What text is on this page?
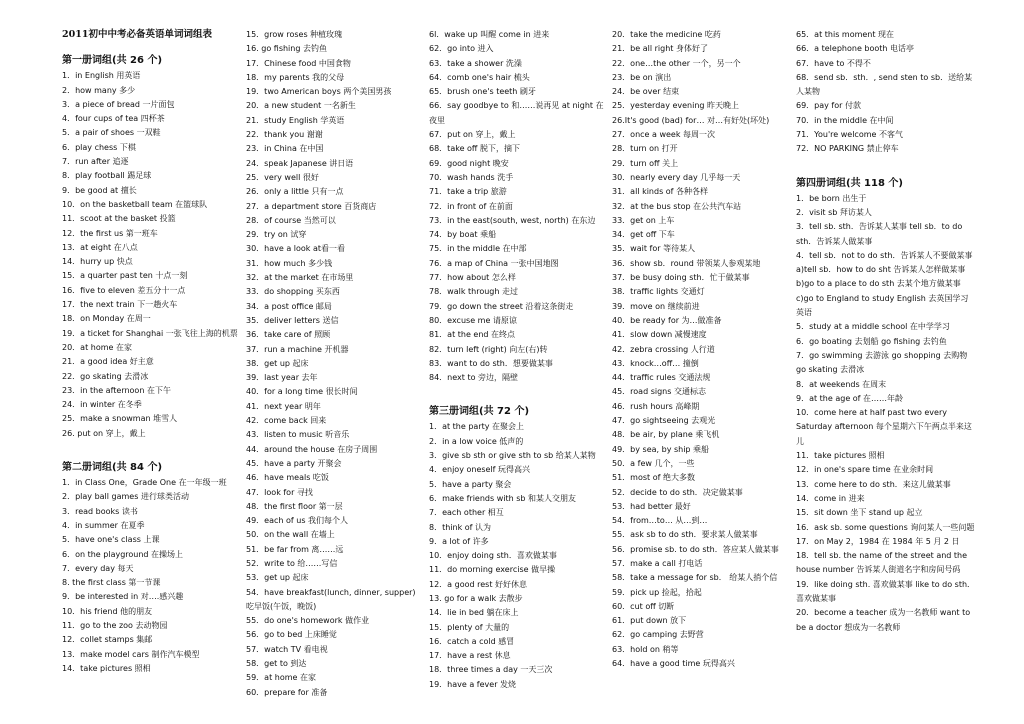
2011初中中考必备英语单词词组表
第一册词组(共 26 个)
1．in English 用英语
2．how many 多少
3．a piece of bread 一片面包
4．four cups of tea 四杯茶
5．a pair of shoes 一双鞋
6．play chess 下棋
7．run after 追逐
8．play football 踢足球
9．be good at 擅长
10．on the basketball team 在篮球队
11．scoot at the basket 投篮
12．the first us 第一班车
13．at eight 在八点
14．hurry up 快点
15．a quarter past ten 十点一刻
16．five to eleven 差五分十一点
17．the next train 下一趟火车
18．on Monday 在周一
19．a ticket for Shanghai 一张飞往上海的机票
20．at home 在家
21．a good idea 好主意
22．go skating 去滑冰
23．in the afternoon 在下午
24．in winter 在冬季
25．make a snowman 堆雪人
26. put on 穿上，戴上
第二册词组(共 84 个)
1．in Class One，Grade One 在一年级一班
2．play ball games 进行球类活动
3．read books 读书
4．in summer 在夏季
5．have one's class 上课
6．on the playground 在操场上
7．every day 每天
8. the first class 第一节课
9．be interested in 对….感兴趣
10．his friend 他的朋友
11．go to the zoo 去动物园
12．collet stamps 集邮
13．make model cars 制作汽车模型
14．take pictures 照相
15．grow roses 种植玫瑰
16. go fishing 去钓鱼
17．Chinese food 中国食物
18．my parents 我的父母
19．two American boys 两个美国男孩
20．a new student 一名新生
21．study English 学英语
22．thank you 谢谢
23．in China 在中国
24．speak Japanese 讲日语
25．very well 很好
26．only a little 只有一点
27．a department store 百货商店
28．of course 当然可以
29．try on 试穿
30．have a look at看一看
31．how much 多少钱
32．at the market 在市场里
33．do shopping 买东西
34．a post office 邮局
35．deliver letters 送信
36．take care of 照顾
37．run a machine 开机器
38．get up 起床
39．last year 去年
40．for a long time 很长时间
41．next year 明年
42．come back 回来
43．listen to music 听音乐
44．around the house 在房子周围
45．have a party 开聚会
46．have meals 吃饭
47．look for 寻找
48．the first floor 第一层
49．each of us 我们每个人
50．on the wall 在墙上
51．be far from 离……远
52．write to 给……写信
53．get up 起床
54．have breakfast(lunch, dinner, supper) 吃早饭(午饭，晚饭)
55．do one's homework 做作业
56．go to bed 上床睡觉
57．watch TV 看电视
58．get to 到达
59．at home 在家
60．prepare for 准备
6l．wake up 叫醒 come in 进来
62．go into 进入
63．take a shower 洗澡
64．comb one's hair 梳头
65．brush one's teeth 刷牙
66．say goodbye to 和……说再见 at night 在夜里
67．put on 穿上，戴上
68．take off 脱下，摘下
69．good night 晚安
70．wash hands 洗手
71．take a trip 旅游
72．in front of 在前面
73．in the east(south, west, north) 在东边
74．by boat 乘船
75．in the middle 在中部
76．a map of China 一张中国地图
77．how about 怎么样
78．walk through 走过
79．go down the street 沿着这条街走
80．excuse me 请原谅
81．at the end 在终点
82．turn left (right) 向左(右)转
83．want to do sth．想要做某事
84．next to 旁边，隔壁
第三册词组(共 72 个)
1．at the party 在聚会上
2．in a low voice 低声的
3．give sb sth or give sth to sb 给某人某物
4．enjoy oneself 玩得高兴
5．have a party 聚会
6．make friends with sb 和某人交朋友
7．each other 相互
8．think of 认为
9．a lot of 许多
10．enjoy doing sth．喜欢做某事
11．do morning exercise 做早操
12．a good rest 好好休息
13. go for a walk 去散步
14．lie in bed 躺在床上
15．plenty of 大量的
16．catch a cold 感冒
17．have a rest 休息
18．three times a day 一天三次
19．have a fever 发烧
20．take the medicine 吃药
21．be all right 身体好了
22．one…the other 一个，另一个
23．be on 演出
24．be over 结束
25．yesterday evening 昨天晚上
26.It's good (bad) for… 对…有好处(坏处)
27．once a week 每周一次
28．turn on 打开
29．turn off 关上
30．nearly every day 几乎每一天
31．all kinds of 各种各样
32．at the bus stop 在公共汽车站
33．get on 上车
34．get off 下车
35．wait for 等待某人
36．show sb．round 带领某人参观某地
37．be busy doing sth．忙于做某事
38．traffic lights 交通灯
39．move on 继续前进
40．be ready for 为…做准备
41．slow down 减慢速度
42．zebra crossing 人行道
43．knock…off… 撞倒
44．traffic rules 交通法规
45．road signs 交通标志
46．rush hours 高峰期
47．go sightseeing 去观光
48．be air, by plane 乘飞机
49．by sea, by ship 乘船
50．a few 几个，一些
51．most of 绝大多数
52．decide to do sth．决定做某事
53．had better 最好
54．from…to… 从…到…
55．ask sb to do sth．要求某人做某事
56．promise sb. to do sth．答应某人做某事
57．make a call 打电话
58．take a message for sb． 给某人捎个信
59．pick up 捡起，拾起
60．cut off 切断
61．put down 放下
62．go camping 去野营
63．hold on 稍等
64．have a good time 玩得高兴
65．at this moment 现在
66．a telephone booth 电话亭
67．have to 不得不
68．send sb．sth．, send sten to sb．送给某人某物
69．pay for 付款
70．in the middle 在中间
71．You're welcome 不客气
72．NO PARKING 禁止停车
第四册词组(共 118 个)
1．be born 出生于
2．visit sb 拜访某人
3．tell sb. sth．告诉某人某事 tell sb．to do sth．告诉某人做某事
4．tell sb．not to do sth．告诉某人不要做某事
a)tell sb．how to do sht 告诉某人怎样做某事
b)go to a place to do sth 去某个地方做某事
c)go to England to study English 去英国学习英语
5．study at a middle school 在中学学习
6．go boating 去划船 go fishing 去钓鱼
7．go swimming 去游泳 go shopping 去购物 go skating 去滑冰
8．at weekends 在周末
9．at the age of 在……年龄
10．come here at half past two every Saturday afternoon 每个星期六下午两点半来这儿
11．take pictures 照相
12．in one's spare time 在业余时间
13．come here to do sth．来这儿做某事
14．come in 进来
15．sit down 坐下 stand up 起立
16．ask sb. some questions 询问某人一些问题
17．on May 2，1984 在 1984 年 5 月 2 日
18．tell sb. the name of the street and the house number 告诉某人街道名字和房间号码
19．like doing sth. 喜欢做某事 like to do sth．喜欢做某事
20．become a teacher 成为一名教师 want to be a doctor 想成为一名教师
